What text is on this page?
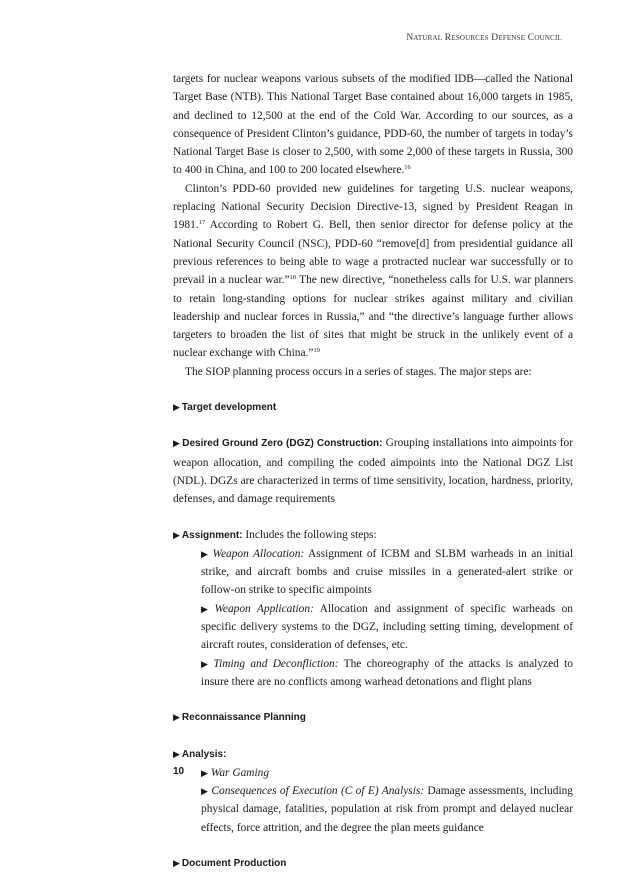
Natural Resources Defense Council

targets for nuclear weapons various subsets of the modified IDB—called the National Target Base (NTB). This National Target Base contained about 16,000 targets in 1985, and declined to 12,500 at the end of the Cold War. According to our sources, as a consequence of President Clinton’s guidance, PDD-60, the number of targets in today’s National Target Base is closer to 2,500, with some 2,000 of these targets in Russia, 300 to 400 in China, and 100 to 200 located elsewhere.$^{16}$

Clinton’s PDD-60 provided new guidelines for targeting U.S. nuclear weapons, replacing National Security Decision Directive-13, signed by President Reagan in 1981.17 According to Robert G. Bell, then senior director for defense policy at the National Security Council (NSC), PDD-60 “remove[d] from presidential guidance all previous references to being able to wage a protracted nuclear war successfully or to prevail in a nuclear war.”$^{18}$ The new directive, “nonetheless calls for U.S. war planners to retain long-standing options for nuclear strikes against military and civilian leadership and nuclear forces in Russia,” and “the directive’s language further allows targeters to broaden the list of sites that might be struck in the unlikely event of a nuclear exchange with China.”$^{19}$

The SIOP planning process occurs in a series of stages. The major steps are:

▶ Target development

▶ Desired Ground Zero (DGZ) Construction: Grouping installations into aimpoints for weapon allocation, and compiling the coded aimpoints into the National DGZ List (NDL). DGZs are characterized in terms of time sensitivity, location, hardness, priority, defenses, and damage requirements

▶ Assignment: Includes the following steps:

▶ Weapon Allocation: Assignment of ICBM and SLBM warheads in an initial strike, and aircraft bombs and cruise missiles in a generated-alert strike or follow-on strike to specific aimpoints

▶ Weapon Application: Allocation and assignment of specific warheads on specific delivery systems to the DGZ, including setting timing, development of aircraft routes, consideration of defenses, etc.

▶ Timing and Deconfliction: The choreography of the attacks is analyzed to insure there are no conflicts among warhead detonations and flight plans

▶ Reconnaissance Planning

▶ Analysis:

▶ War Gaming

▶ Consequences of Execution (C of E) Analysis: Damage assessments, including physical damage, fatalities, population at risk from prompt and delayed nuclear effects, force attrition, and the degree the plan meets guidance

▶ Document Production

10
